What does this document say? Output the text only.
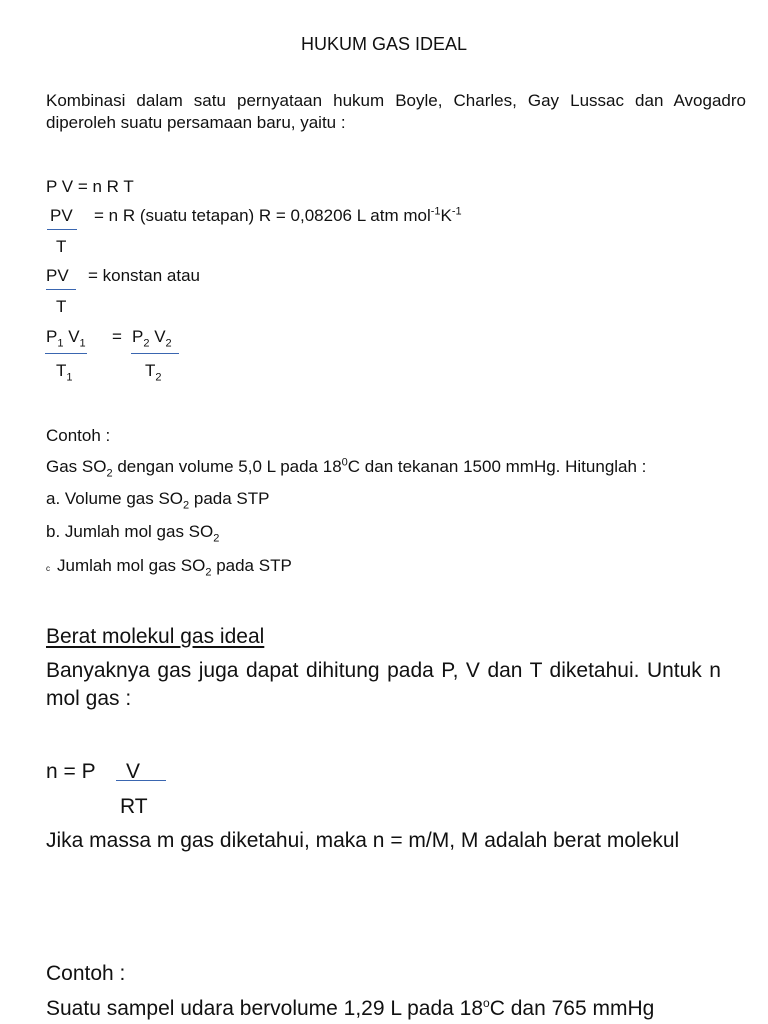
HUKUM GAS IDEAL
Kombinasi dalam satu pernyataan hukum Boyle, Charles, Gay Lussac dan Avogadro diperoleh suatu persamaan baru, yaitu :
P V = n R T
PV = n R (suatu tetapan) R = 0,08206 L atm $mol^{-1}K^{-1}$
T
PV = konstan atau
T
$P_1$ $V_1 = P_2$ $V_2$
$T_1$	$T_2$
Contoh :
Gas $SO_2$ dengan volume 5,0 L pada $18^0C$ dan tekanan 1500 mmHg. Hitunglah :
a. Volume gas $SO_2$ pada STP
b. Jumlah mol gas $SO_2$
c Jumlah mol gas $SO_2$ pada STP
Berat molekul gas ideal
Banyaknya gas juga dapat dihitung pada P, V dan T diketahui. Untuk n mol gas :
n = P V
RT
Jika massa m gas diketahui, maka n = m/M, M adalah berat molekul
Contoh :
Suatu sampel udara bervolume 1,29 L pada 18$^o$C dan 765 mmHg
